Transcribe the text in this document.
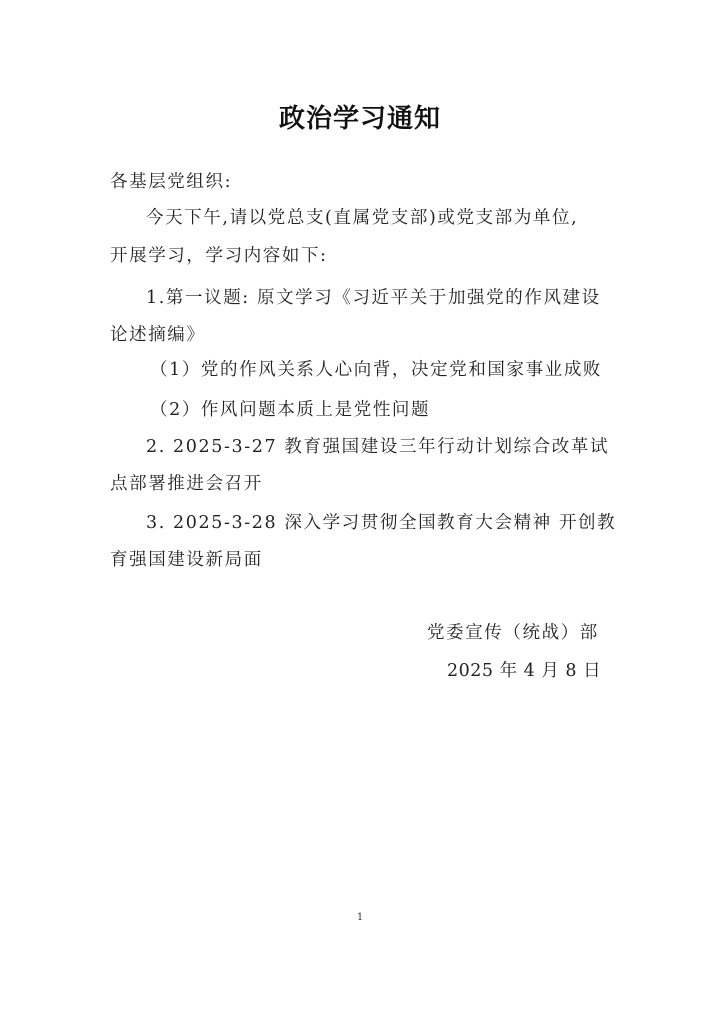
政治学习通知
各基层党组织:
今天下午,请以党总支(直属党支部)或党支部为单位,
开展学习，学习内容如下:
1.第一议题: 原文学习《习近平关于加强党的作风建设
论述摘编》
（1）党的作风关系人心向背，决定党和国家事业成败
（2）作风问题本质上是党性问题
2. 2025-3-27 教育强国建设三年行动计划综合改革试
点部署推进会召开
3. 2025-3-28 深入学习贯彻全国教育大会精神 开创教
育强国建设新局面
党委宣传（统战）部
2025 年 4 月 8 日
1
